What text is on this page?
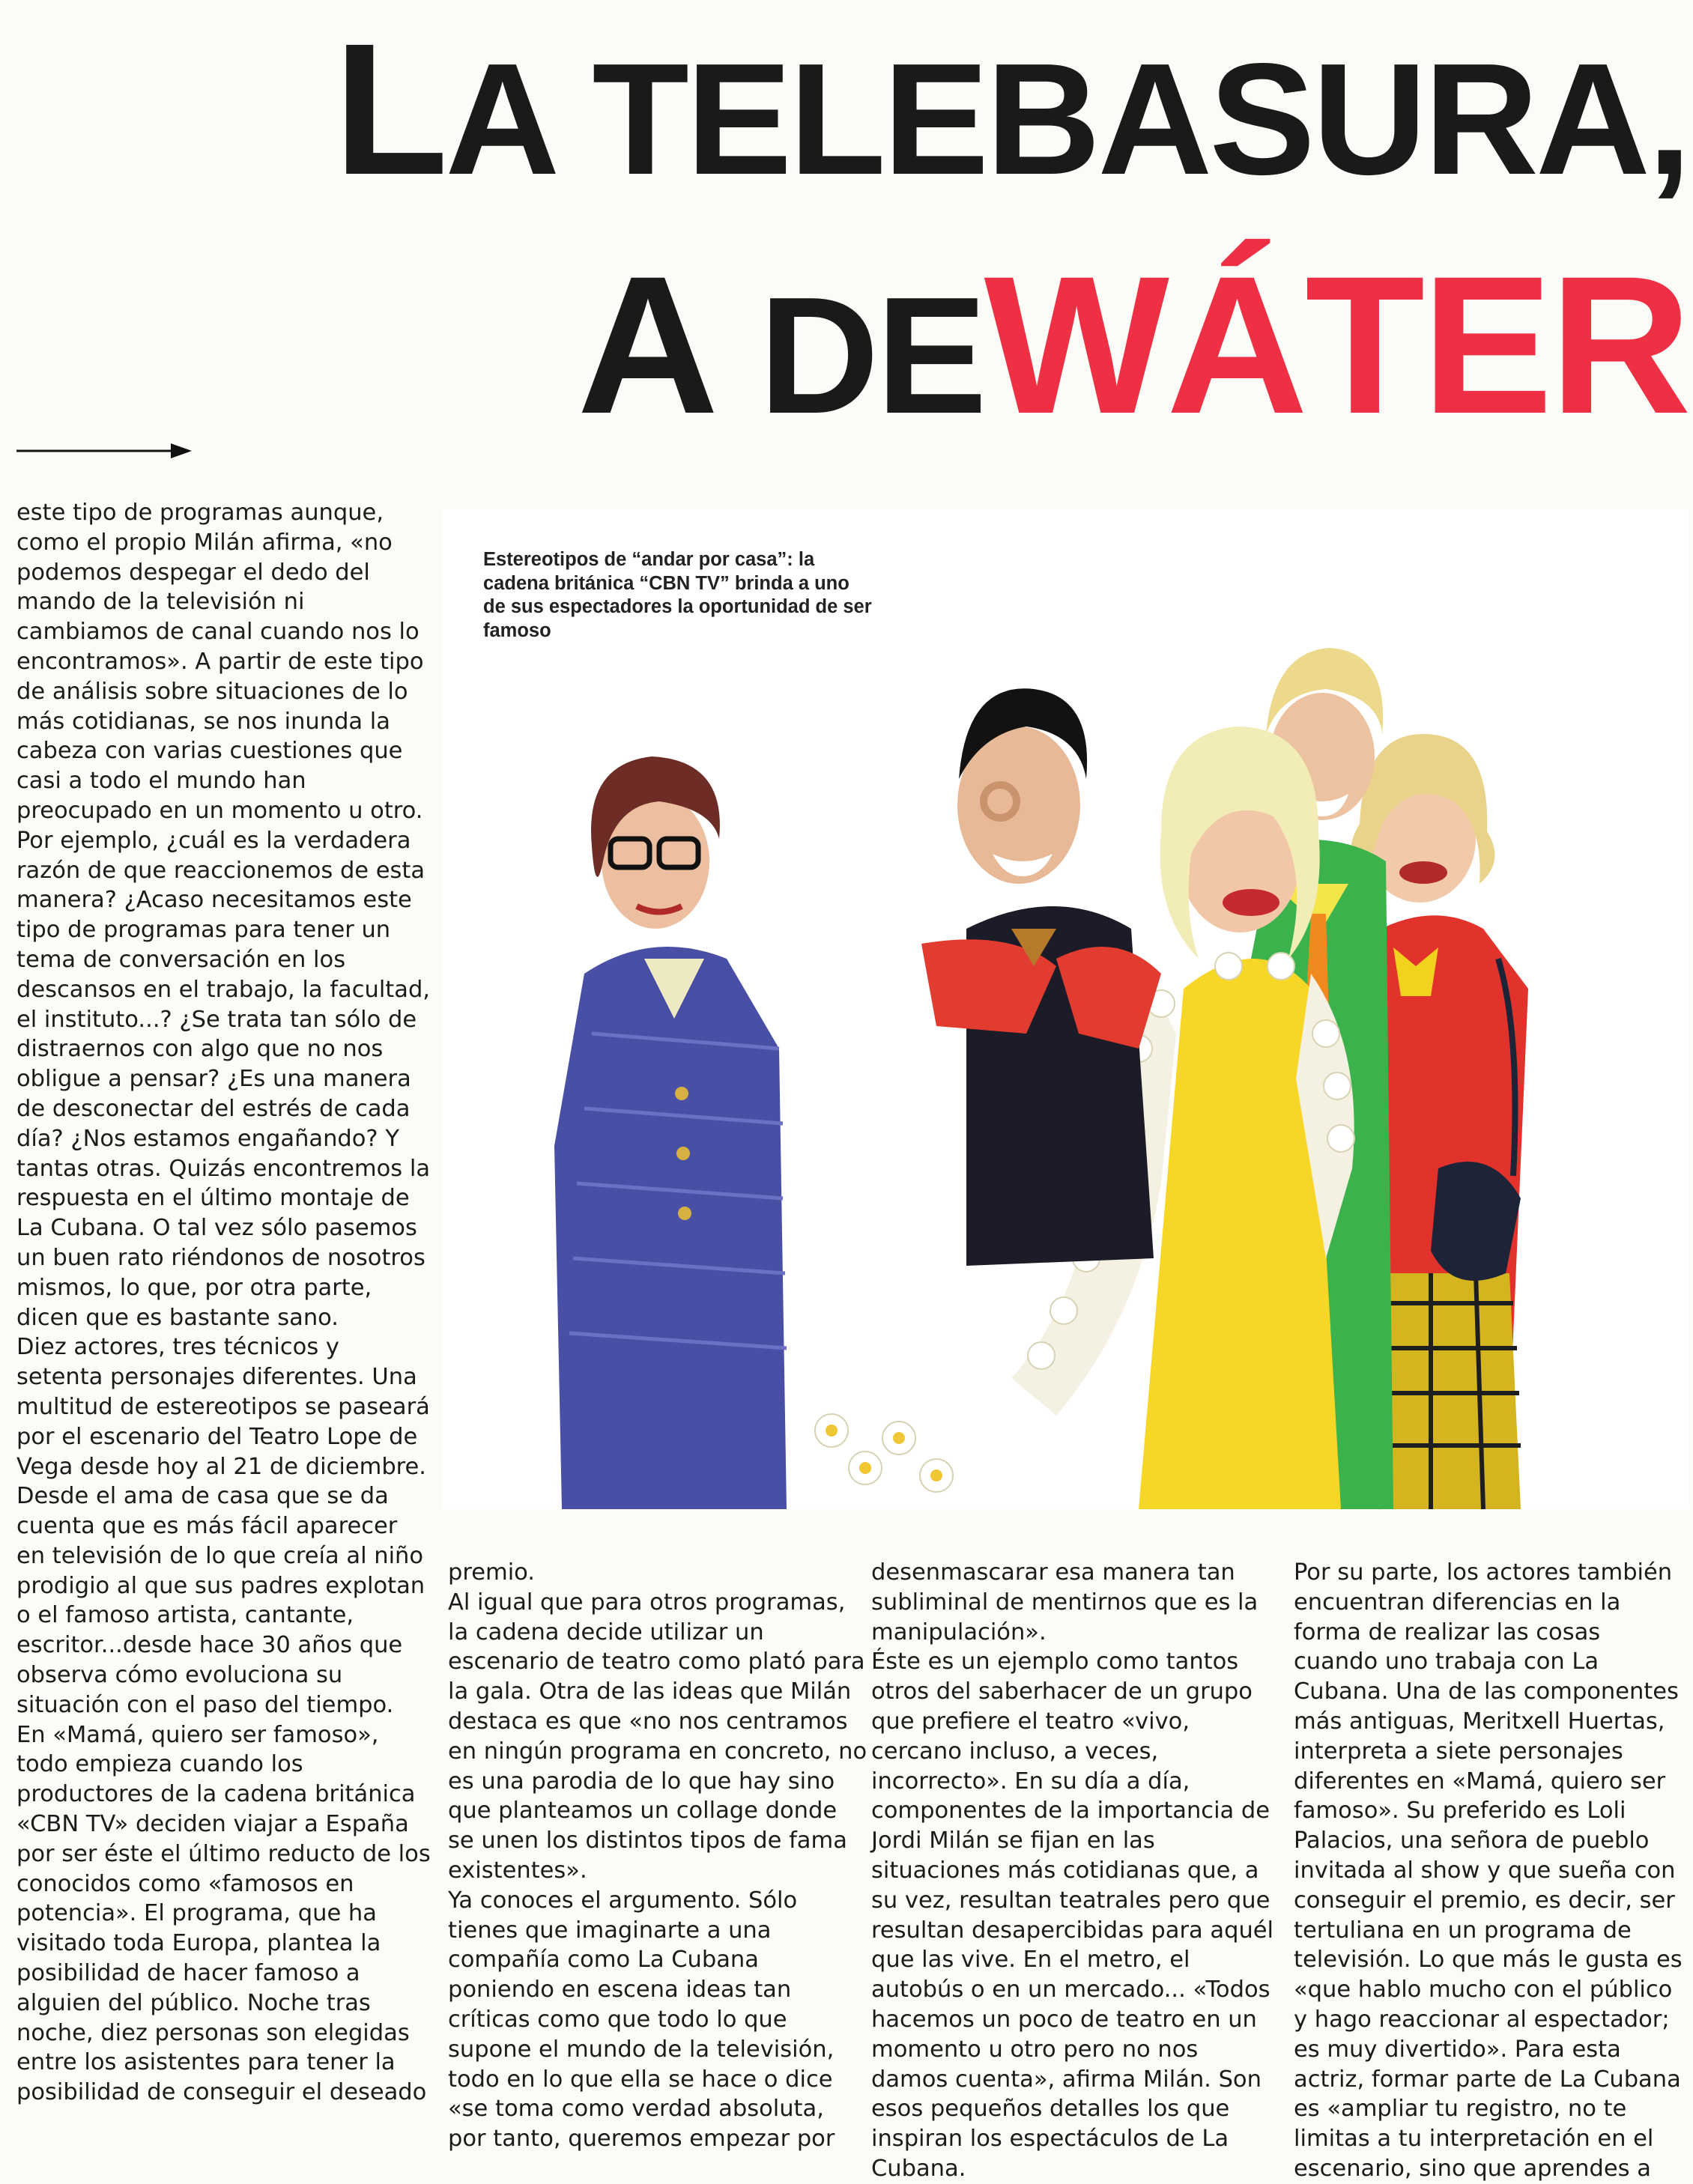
LA TELEBASURA,
A DEWÁTER

este tipo de programas aunque, como el propio Milán afirma, «no podemos despegar el dedo del mando de la televisión ni cambiamos de canal cuando nos lo encontramos». A partir de este tipo de análisis sobre situaciones de lo más cotidianas, se nos inunda la cabeza con varias cuestiones que casi a todo el mundo han preocupado en un momento u otro. Por ejemplo, ¿cuál es la verdadera razón de que reaccionemos de esta manera? ¿Acaso necesitamos este tipo de programas para tener un tema de conversación en los descansos en el trabajo, la facultad, el instituto...? ¿Se trata tan sólo de distraernos con algo que no nos obligue a pensar? ¿Es una manera de desconectar del estrés de cada día? ¿Nos estamos engañando? Y tantas otras. Quizás encontremos la respuesta en el último montaje de La Cubana. O tal vez sólo pasemos un buen rato riéndonos de nosotros mismos, lo que, por otra parte, dicen que es bastante sano.

Diez actores, tres técnicos y setenta personajes diferentes. Una multitud de estereotipos se paseará por el escenario del Teatro Lope de Vega desde hoy al 21 de diciembre. Desde el ama de casa que se da cuenta que es más fácil aparecer en televisión de lo que creía al niño prodigio al que sus padres explotan o el famoso artista, cantante, escritor...desde hace 30 años que observa cómo evoluciona su situación con el paso del tiempo.

En «Mamá, quiero ser famoso», todo empieza cuando los productores de la cadena británica «CBN TV» deciden viajar a España por ser éste el último reducto de los conocidos como «famosos en potencia». El programa, que ha visitado toda Europa, plantea la posibilidad de hacer famoso a alguien del público. Noche tras noche, diez personas son elegidas entre los asistentes para tener la posibilidad de conseguir el deseado

Estereotipos de “andar por casa”: la cadena británica “CBN TV” brinda a uno de sus espectadores la oportunidad de ser famoso

premio.

Al igual que para otros programas, la cadena decide utilizar un escenario de teatro como plató para la gala. Otra de las ideas que Milán destaca es que «no nos centramos en ningún programa en concreto, no es una parodia de lo que hay sino que planteamos un collage donde se unen los distintos tipos de fama existentes».

Ya conoces el argumento. Sólo tienes que imaginarte a una compañía como La Cubana poniendo en escena ideas tan críticas como que todo lo que supone el mundo de la televisión, todo en lo que ella se hace o dice «se toma como verdad absoluta, por tanto, queremos empezar por

desenmascarar esa manera tan subliminal de mentirnos que es la manipulación».

Éste es un ejemplo como tantos otros del saberhacer de un grupo que prefiere el teatro «vivo, cercano incluso, a veces, incorrecto». En su día a día, componentes de la importancia de Jordi Milán se fijan en las situaciones más cotidianas que, a su vez, resultan teatrales pero que resultan desapercibidas para aquél que las vive. En el metro, el autobús o en un mercado... «Todos hacemos un poco de teatro en un momento u otro pero no nos damos cuenta», afirma Milán. Son esos pequeños detalles los que inspiran los espectáculos de La Cubana.

Por su parte, los actores también encuentran diferencias en la forma de realizar las cosas cuando uno trabaja con La Cubana. Una de las componentes más antiguas, Meritxell Huertas, interpreta a siete personajes diferentes en «Mamá, quiero ser famoso». Su preferido es Loli Palacios, una señora de pueblo invitada al show y que sueña con conseguir el premio, es decir, ser tertuliana en un programa de televisión. Lo que más le gusta es «que hablo mucho con el público y hago reaccionar al espectador; es muy divertido». Para esta actriz, formar parte de La Cubana es «ampliar tu registro, no te limitas a tu interpretación en el escenario, sino que aprendes a
